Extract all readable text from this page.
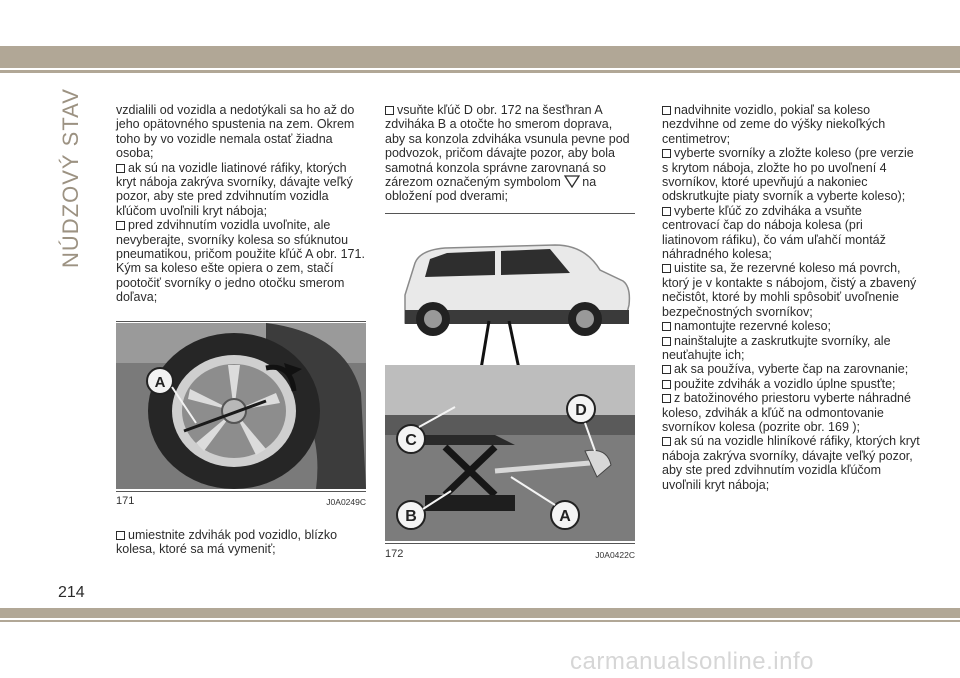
NÚDZOVÝ STAV	vzdialili od vozidla a nedotýkali sa ho až do jeho opätovného spustenia na zem. Okrem toho by vo vozidle nemala ostať žiadna osoba;

ak sú na vozidle liatinové ráfiky, ktorých kryt náboja zakrýva svorníky, dávajte veľký pozor, aby ste pred zdvihnutím vozidla kľúčom uvoľnili kryt náboja;

pred zdvihnutím vozidla uvoľnite, ale nevyberajte, svorníky kolesa so sfúknutou pneumatikou, pričom použite kľúč A obr. 171. Kým sa koleso ešte opiera o zem, stačí pootočiť svorníky o jedno otočku smerom doľava;

A
171	J0A0249C
umiestnite zdvihák pod vozidlo, blízko kolesa, ktoré sa má vymeniť;

vsuňte kľúč D obr. 172 na šesťhran A zdviháka B a otočte ho smerom doprava, aby sa konzola zdviháka vsunula pevne pod podvozok, pričom dávajte pozor, aby bola samotná konzola správne zarovnaná so zárezom označeným symbolom na obložení pod dverami;

C
B	A
D
172	J0A0422C

nadvihnite vozidlo, pokiaľ sa koleso nezdvihne od zeme do výšky niekoľkých centimetrov;

vyberte svorníky a zložte koleso (pre verzie s krytom náboja, zložte ho po uvoľnení 4 svorníkov, ktoré upevňujú a nakoniec odskrutkujte piaty svorník a vyberte koleso);

vyberte kľúč zo zdviháka a vsuňte centrovací čap do náboja kolesa (pri liatinovom ráfiku), čo vám uľahčí montáž náhradného kolesa;

uistite sa, že rezervné koleso má povrch, ktorý je v kontakte s nábojom, čistý a zbavený nečistôt, ktoré by mohli spôsobiť uvoľnenie bezpečnostných svorníkov;

namontujte rezervné koleso;

nainštalujte a zaskrutkujte svorníky, ale neuťahujte ich;

ak sa používa, vyberte čap na zarovnanie;

použite zdvihák a vozidlo úplne spusťte;

z batožinového priestoru vyberte náhradné koleso, zdvihák a kľúč na odmontovanie svorníkov kolesa (pozrite obr. 169 );

ak sú na vozidle hliníkové ráfiky, ktorých kryt náboja zakrýva svorníky, dávajte veľký pozor, aby ste pred zdvihnutím vozidla kľúčom uvoľnili kryt náboja;

214
carmanualsonline.info
